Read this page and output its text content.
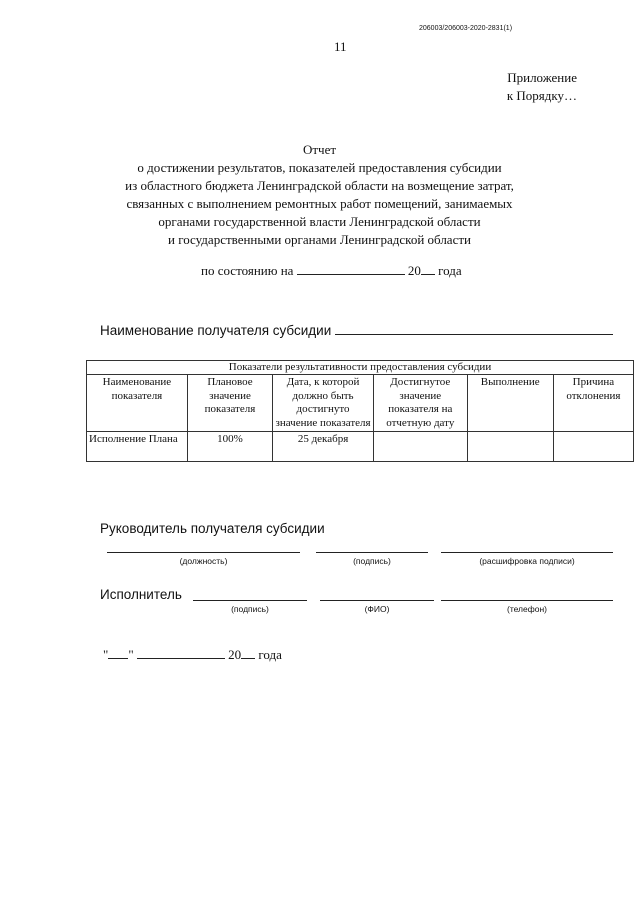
206003/206003-2020-2831(1)
11
Приложение
к Порядку…
Отчет
о достижении результатов, показателей предоставления субсидии
из областного бюджета Ленинградской области на возмещение затрат,
связанных с выполнением ремонтных работ помещений, занимаемых
органами государственной власти Ленинградской области
и государственными органами Ленинградской области
по состоянию на	20 года
Наименование получателя субсидии
Показатели результативности предоставления субсидии					
Наименование показателя	Плановое значение показателя	Дата, к которой должно быть достигнуто значение показателя	Достигнутое значение показателя на отчетную дату	Выполнение	Причина отклонения
Исполнение Плана	100%	25 декабря			
Руководитель получателя субсидии
(должность)	(подпись)	(расшифровка подписи)
Исполнитель
(подпись)	(ФИО)	(телефон)
" "	20 года
